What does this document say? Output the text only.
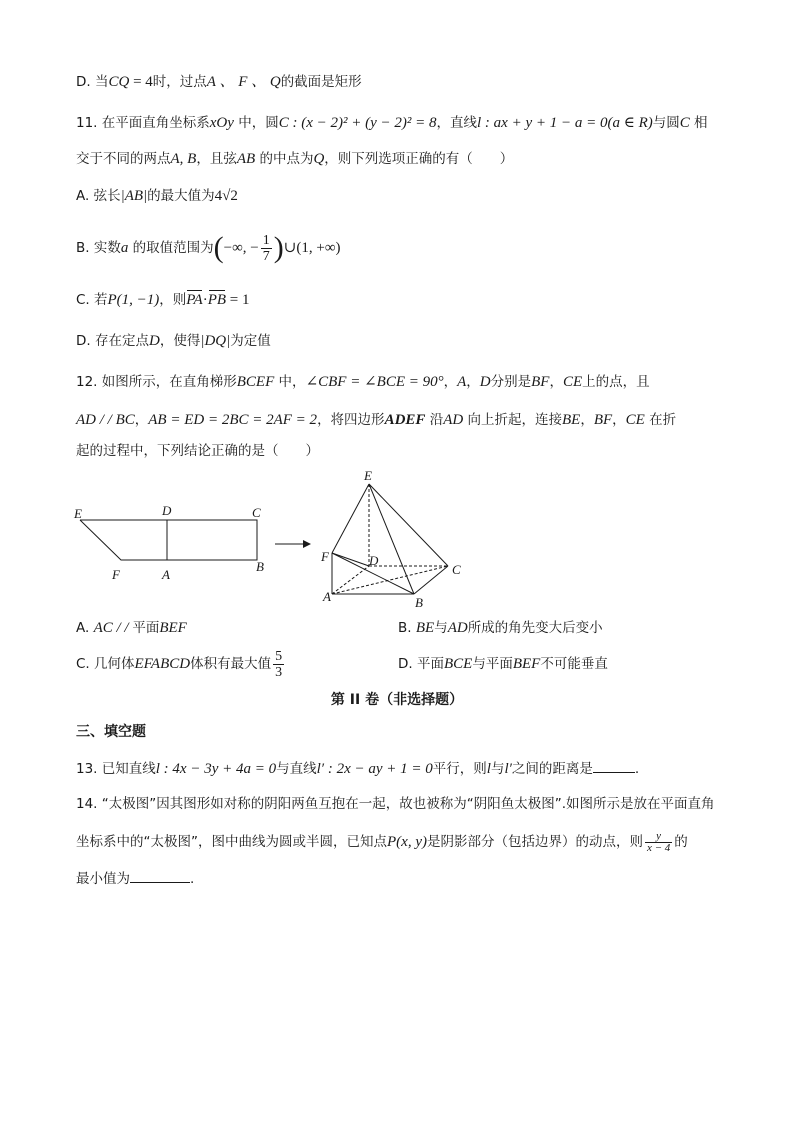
D. 当CQ = 4时，过点A 、 F 、 Q的截面是矩形
11. 在平面直角坐标系xOy 中，圆C : (x − 2)² + (y − 2)² = 8，直线l : ax + y + 1 − a = 0(a ∈ R)与圆C 相
交于不同的两点A, B，且弦AB 的中点为Q，则下列选项正确的有（　　）
A. 弦长|AB|的最大值为4√2
B. 实数a 的取值范围为(−∞, − $\frac{1}{7}$ )∪(1, +∞)
C. 若P(1, −1)，则PA·PB = 1
D. 存在定点D，使得|DQ|为定值
12. 如图所示，在直角梯形BCEF 中，∠CBF = ∠BCE = 90°，A，D分别是BF，CE上的点，且
AD / / BC，AB = ED = 2BC = 2AF = 2，将四边形ADEF 沿AD 向上折起，连接BE，BF，CE 在折
起的过程中，下列结论正确的是（　　）
E	D	C
F	A
B
E
F	D
C
A	B
A. AC / / 平面BEF	B. BE与AD所成的角先变大后变小
C. 几何体EFABCD体积有最大值 $\frac{5}{3}$	D. 平面BCE与平面BEF不可能垂直
第 II 卷（非选择题）
三、填空题
13. 已知直线l : 4x − 3y + 4a = 0与直线l′ : 2x − ay + 1 = 0平行，则l与l′之间的距离是	.
14. “太极图”因其图形如对称的阴阳两鱼互抱在一起，故也被称为“阴阳鱼太极图”.如图所示是放在平面直角
坐标系中的“太极图”，图中曲线为圆或半圆，已知点P(x, y)是阴影部分（包括边界）的动点，则 $\frac{y}{x - 4}$ 的
最小值为	.
